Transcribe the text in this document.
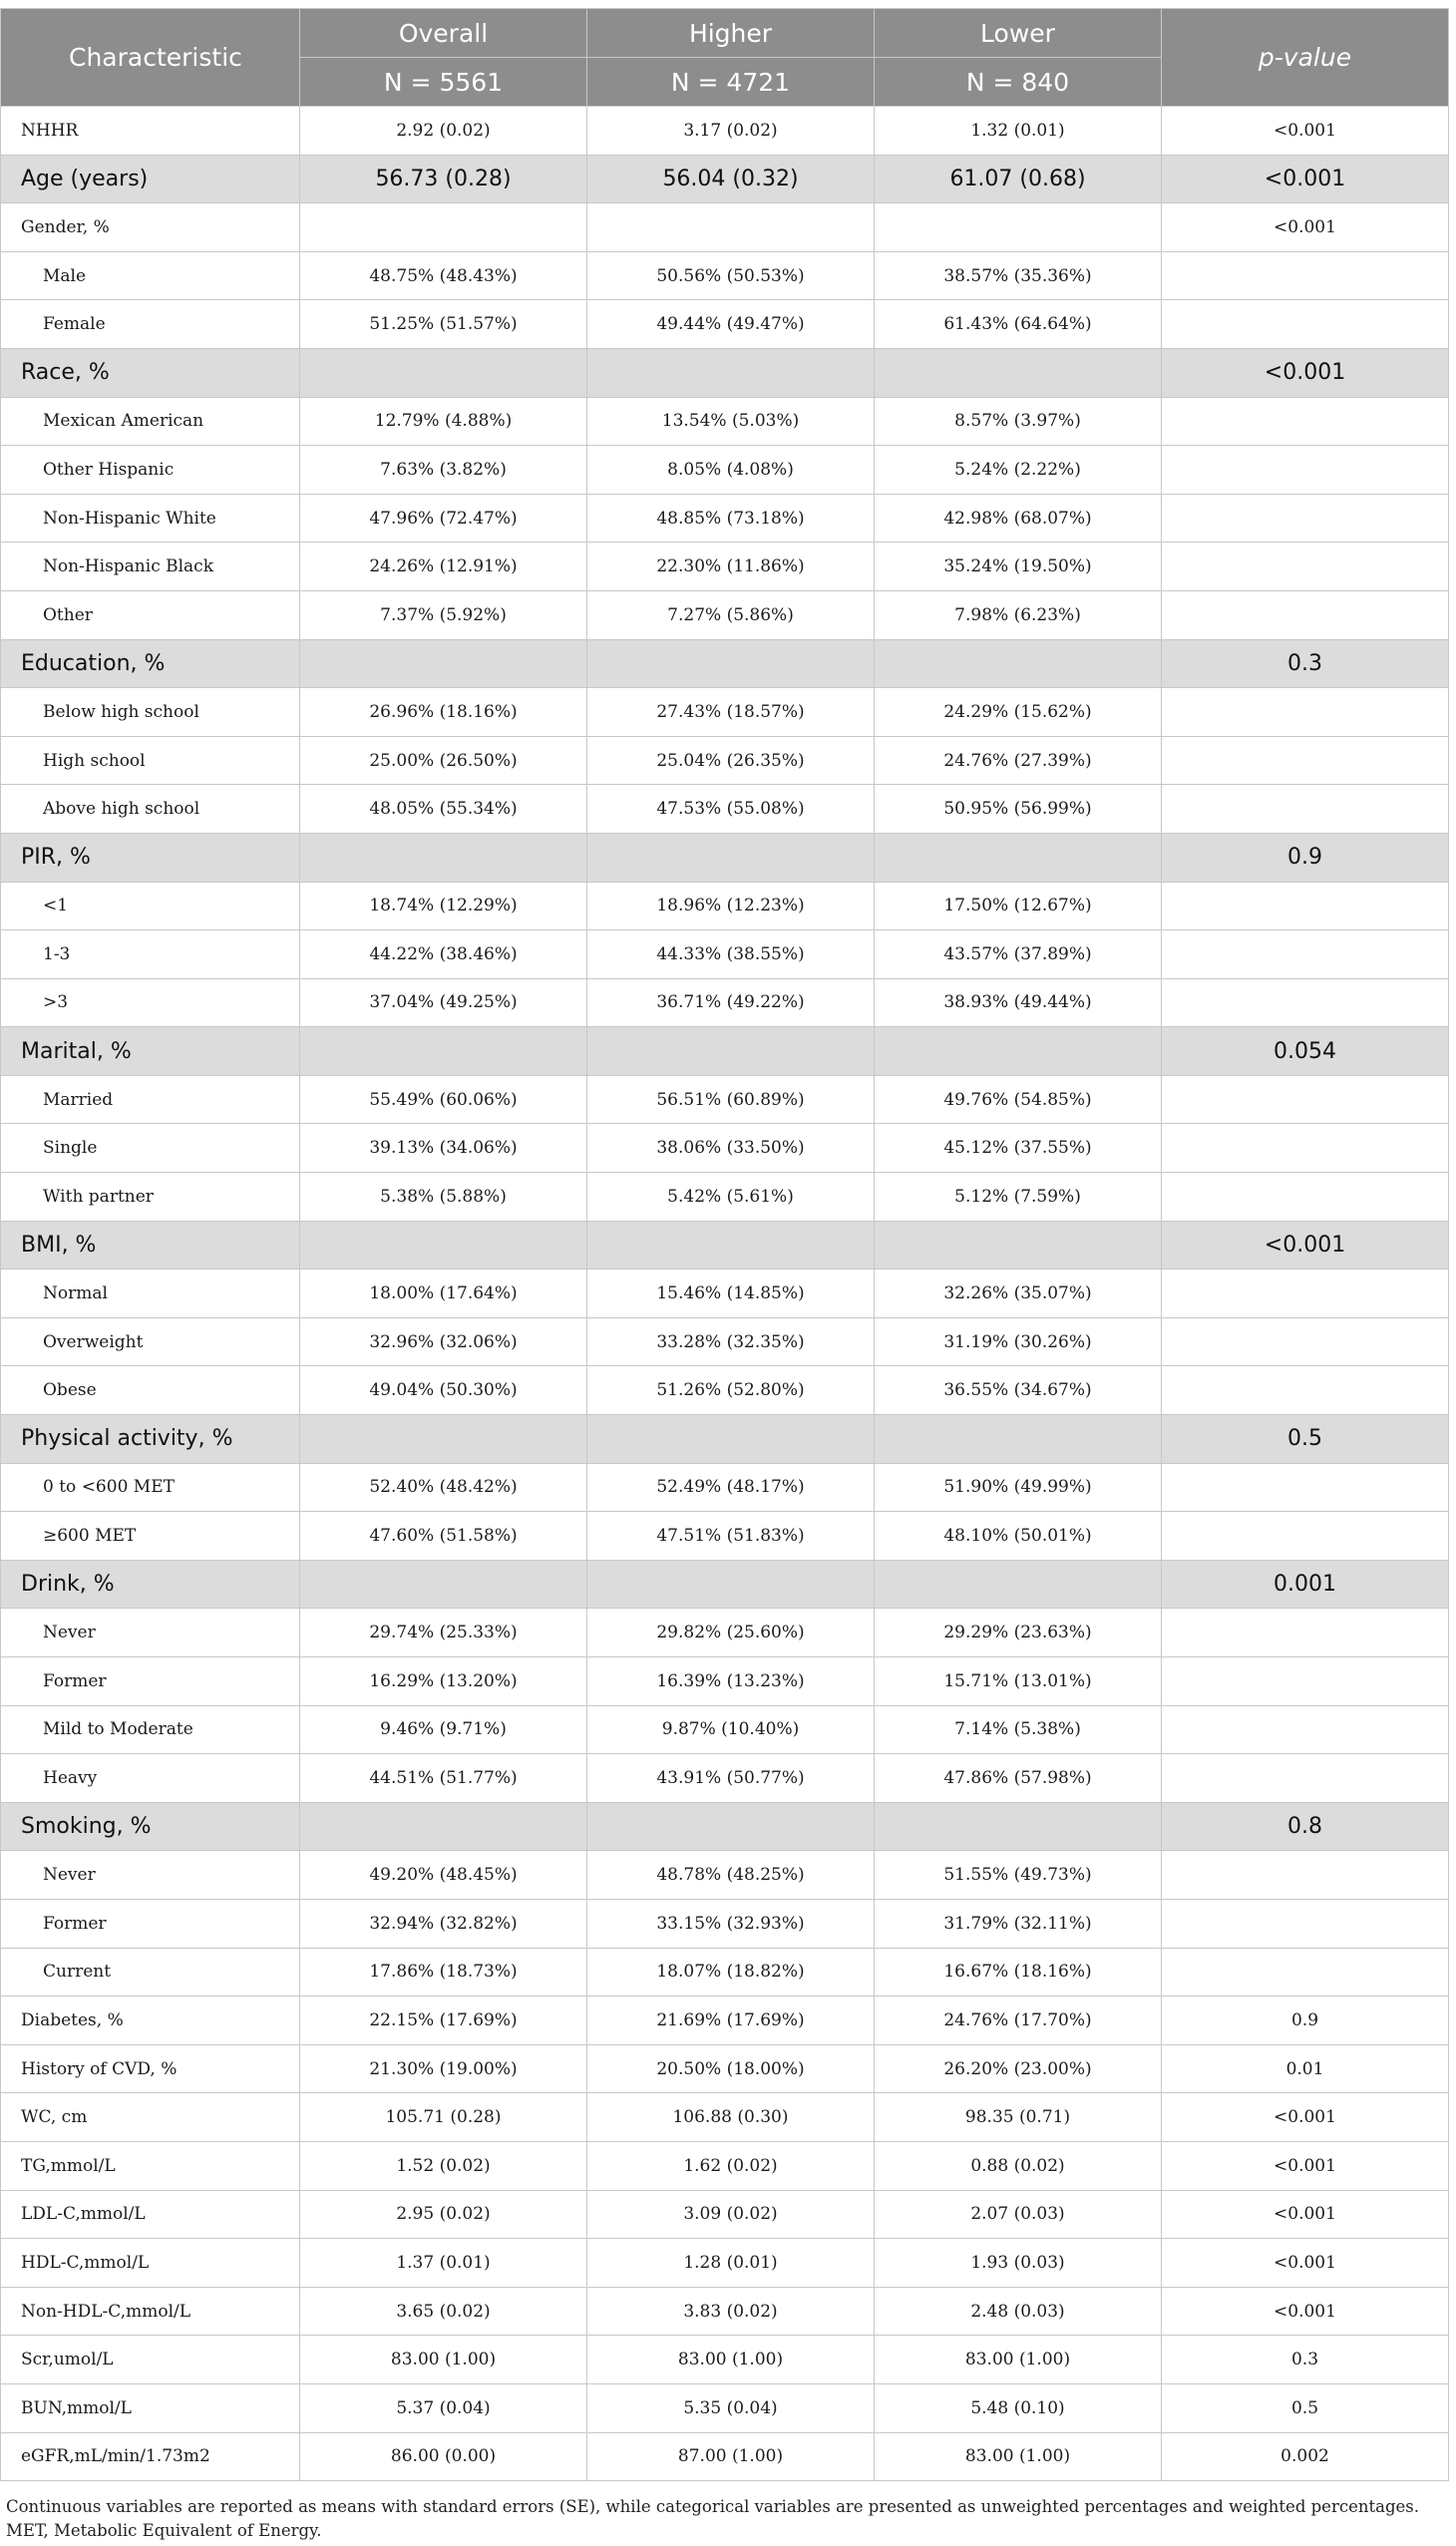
Characteristic	Overall	Higher	Lower	p-value
	N = 5561	N = 4721	N = 840	
NHHR	2.92 (0.02)	3.17 (0.02)	1.32 (0.01)	<0.001
Age (years)	56.73 (0.28)	56.04 (0.32)	61.07 (0.68)	<0.001
Gender, %				<0.001
Male	48.75% (48.43%)	50.56% (50.53%)	38.57% (35.36%)	
Female	51.25% (51.57%)	49.44% (49.47%)	61.43% (64.64%)	
Race, %				<0.001
Mexican American	12.79% (4.88%)	13.54% (5.03%)	8.57% (3.97%)	
Other Hispanic	7.63% (3.82%)	8.05% (4.08%)	5.24% (2.22%)	
Non-Hispanic White	47.96% (72.47%)	48.85% (73.18%)	42.98% (68.07%)	
Non-Hispanic Black	24.26% (12.91%)	22.30% (11.86%)	35.24% (19.50%)	
Other	7.37% (5.92%)	7.27% (5.86%)	7.98% (6.23%)	
Education, %				0.3
Below high school	26.96% (18.16%)	27.43% (18.57%)	24.29% (15.62%)	
High school	25.00% (26.50%)	25.04% (26.35%)	24.76% (27.39%)	
Above high school	48.05% (55.34%)	47.53% (55.08%)	50.95% (56.99%)	
PIR, %				0.9
<1	18.74% (12.29%)	18.96% (12.23%)	17.50% (12.67%)	
1-3	44.22% (38.46%)	44.33% (38.55%)	43.57% (37.89%)	
>3	37.04% (49.25%)	36.71% (49.22%)	38.93% (49.44%)	
Marital, %				0.054
Married	55.49% (60.06%)	56.51% (60.89%)	49.76% (54.85%)	
Single	39.13% (34.06%)	38.06% (33.50%)	45.12% (37.55%)	
With partner	5.38% (5.88%)	5.42% (5.61%)	5.12% (7.59%)	
BMI, %				<0.001
Normal	18.00% (17.64%)	15.46% (14.85%)	32.26% (35.07%)	
Overweight	32.96% (32.06%)	33.28% (32.35%)	31.19% (30.26%)	
Obese	49.04% (50.30%)	51.26% (52.80%)	36.55% (34.67%)	
Physical activity, %				0.5
0 to <600 MET	52.40% (48.42%)	52.49% (48.17%)	51.90% (49.99%)	
≥600 MET	47.60% (51.58%)	47.51% (51.83%)	48.10% (50.01%)	
Drink, %				0.001
Never	29.74% (25.33%)	29.82% (25.60%)	29.29% (23.63%)	
Former	16.29% (13.20%)	16.39% (13.23%)	15.71% (13.01%)	
Mild to Moderate	9.46% (9.71%)	9.87% (10.40%)	7.14% (5.38%)	
Heavy	44.51% (51.77%)	43.91% (50.77%)	47.86% (57.98%)	
Smoking, %				0.8
Never	49.20% (48.45%)	48.78% (48.25%)	51.55% (49.73%)	
Former	32.94% (32.82%)	33.15% (32.93%)	31.79% (32.11%)	
Current	17.86% (18.73%)	18.07% (18.82%)	16.67% (18.16%)	
Diabetes, %	22.15% (17.69%)	21.69% (17.69%)	24.76% (17.70%)	0.9
History of CVD, %	21.30% (19.00%)	20.50% (18.00%)	26.20% (23.00%)	0.01
WC, cm	105.71 (0.28)	106.88 (0.30)	98.35 (0.71)	<0.001
TG,mmol/L	1.52 (0.02)	1.62 (0.02)	0.88 (0.02)	<0.001
LDL-C,mmol/L	2.95 (0.02)	3.09 (0.02)	2.07 (0.03)	<0.001
HDL-C,mmol/L	1.37 (0.01)	1.28 (0.01)	1.93 (0.03)	<0.001
Non-HDL-C,mmol/L	3.65 (0.02)	3.83 (0.02)	2.48 (0.03)	<0.001
Scr,umol/L	83.00 (1.00)	83.00 (1.00)	83.00 (1.00)	0.3
BUN,mmol/L	5.37 (0.04)	5.35 (0.04)	5.48 (0.10)	0.5
eGFR,mL/min/1.73m2	86.00 (0.00)	87.00 (1.00)	83.00 (1.00)	0.002
Continuous variables are reported as means with standard errors (SE), while categorical variables are presented as unweighted percentages and weighted percentages. MET, Metabolic Equivalent of Energy.
